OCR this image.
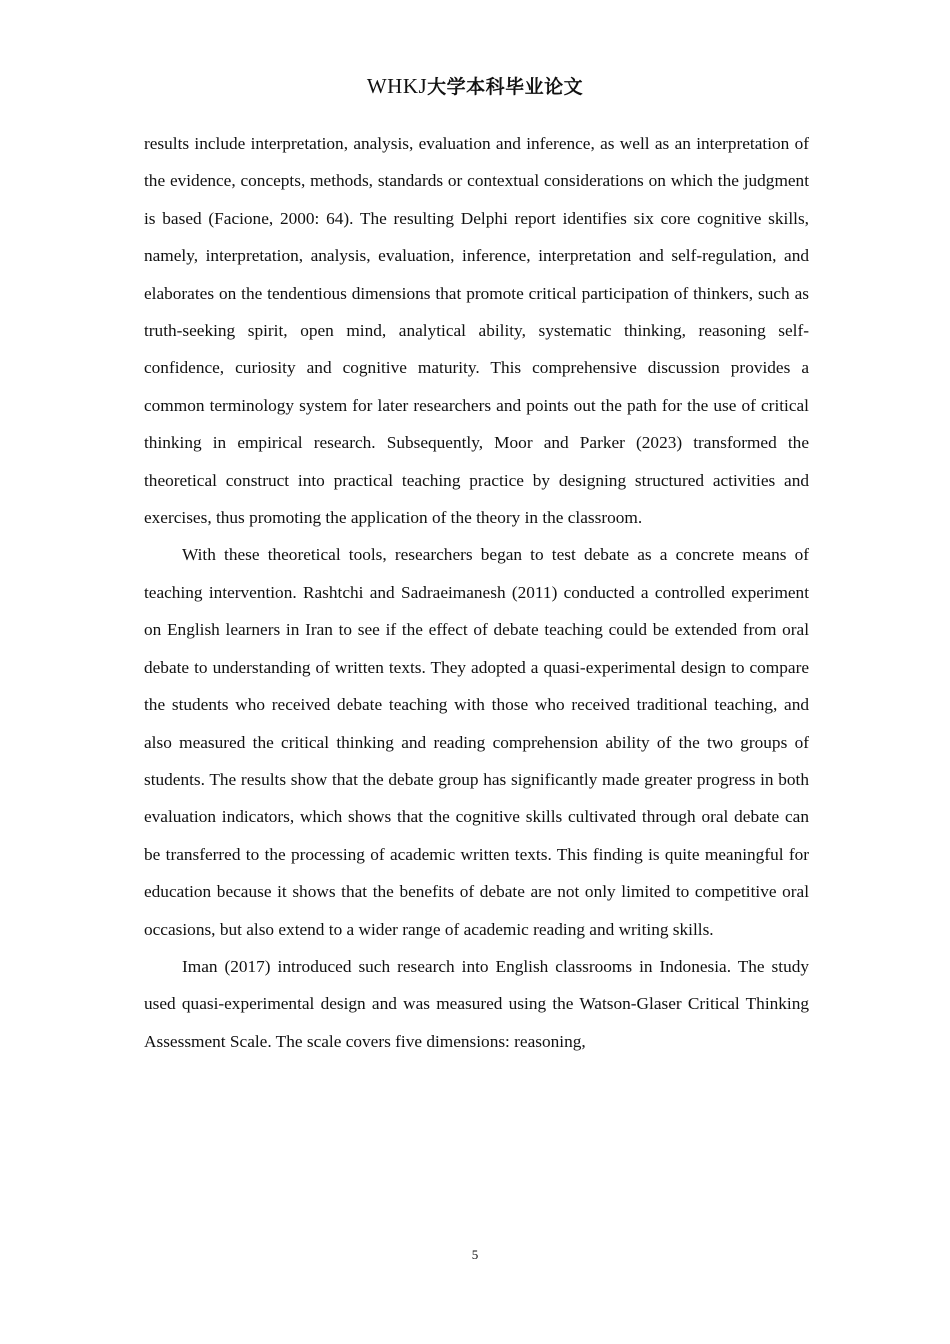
WHKJ大学本科毕业论文

results include interpretation, analysis, evaluation and inference, as well as an interpretation of the evidence, concepts, methods, standards or contextual considerations on which the judgment is based (Facione, 2000: 64). The resulting Delphi report identifies six core cognitive skills, namely, interpretation, analysis, evaluation, inference, interpretation and self-regulation, and elaborates on the tendentious dimensions that promote critical participation of thinkers, such as truth-seeking spirit, open mind, analytical ability, systematic thinking, reasoning self-confidence, curiosity and cognitive maturity. This comprehensive discussion provides a common terminology system for later researchers and points out the path for the use of critical thinking in empirical research. Subsequently, Moor and Parker (2023) transformed the theoretical construct into practical teaching practice by designing structured activities and exercises, thus promoting the application of the theory in the classroom.

With these theoretical tools, researchers began to test debate as a concrete means of teaching intervention. Rashtchi and Sadraeimanesh (2011) conducted a controlled experiment on English learners in Iran to see if the effect of debate teaching could be extended from oral debate to understanding of written texts. They adopted a quasi-experimental design to compare the students who received debate teaching with those who received traditional teaching, and also measured the critical thinking and reading comprehension ability of the two groups of students. The results show that the debate group has significantly made greater progress in both evaluation indicators, which shows that the cognitive skills cultivated through oral debate can be transferred to the processing of academic written texts. This finding is quite meaningful for education because it shows that the benefits of debate are not only limited to competitive oral occasions, but also extend to a wider range of academic reading and writing skills.

Iman (2017) introduced such research into English classrooms in Indonesia. The study used quasi-experimental design and was measured using the Watson-Glaser Critical Thinking Assessment Scale. The scale covers five dimensions: reasoning,

5
